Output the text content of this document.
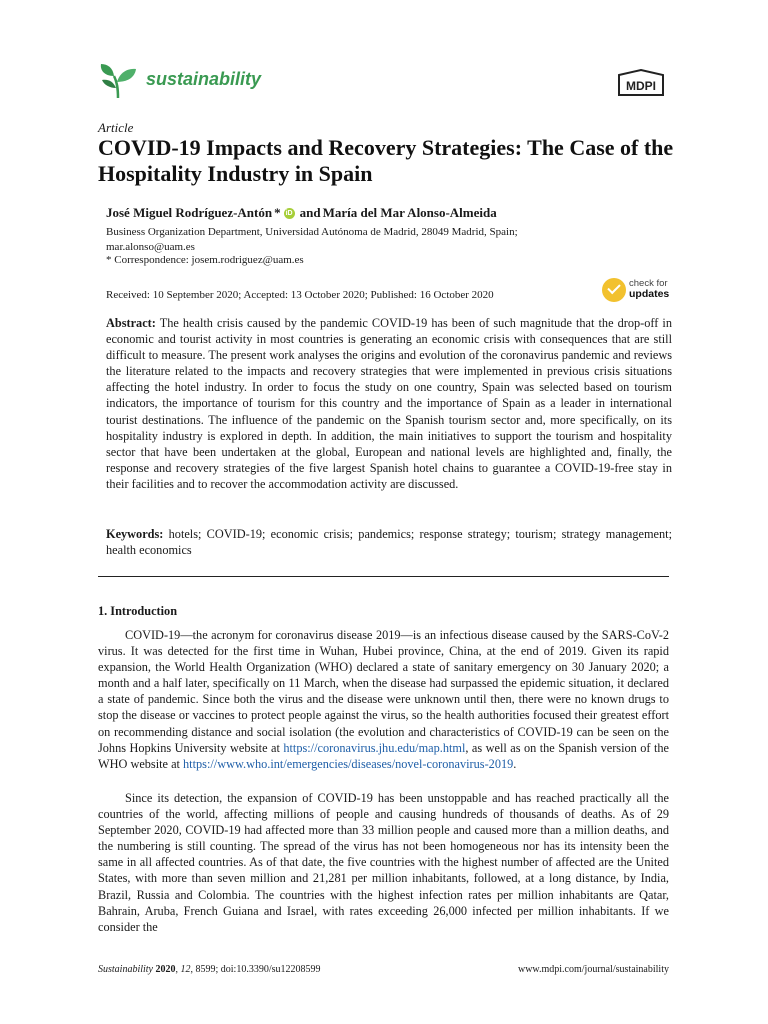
sustainability	MDPI
Article
COVID-19 Impacts and Recovery Strategies: The Case of the Hospitality Industry in Spain
José Miguel Rodríguez-Antón * iD and María del Mar Alonso-Almeida
Business Organization Department, Universidad Autónoma de Madrid, 28049 Madrid, Spain; mar.alonso@uam.es
* Correspondence: josem.rodriguez@uam.es
Received: 10 September 2020; Accepted: 13 October 2020; Published: 16 October 2020
check for
updates
Abstract: The health crisis caused by the pandemic COVID-19 has been of such magnitude that the drop-off in economic and tourist activity in most countries is generating an economic crisis with consequences that are still difficult to measure. The present work analyses the origins and evolution of the coronavirus pandemic and reviews the literature related to the impacts and recovery strategies that were implemented in previous crisis situations affecting the hotel industry. In order to focus the study on one country, Spain was selected based on tourism indicators, the importance of tourism for this country and the importance of Spain as a leader in international tourist destinations. The influence of the pandemic on the Spanish tourism sector and, more specifically, on its hospitality industry is explored in depth. In addition, the main initiatives to support the tourism and hospitality sector that have been undertaken at the global, European and national levels are highlighted and, finally, the response and recovery strategies of the five largest Spanish hotel chains to guarantee a COVID-19-free stay in their facilities and to recover the accommodation activity are discussed.
Keywords: hotels; COVID-19; economic crisis; pandemics; response strategy; tourism; strategy management; health economics
1. Introduction
COVID-19—the acronym for coronavirus disease 2019—is an infectious disease caused by the SARS-CoV-2 virus. It was detected for the first time in Wuhan, Hubei province, China, at the end of 2019. Given its rapid expansion, the World Health Organization (WHO) declared a state of sanitary emergency on 30 January 2020; a month and a half later, specifically on 11 March, when the disease had surpassed the epidemic situation, it declared a state of pandemic. Since both the virus and the disease were unknown until then, there were no known drugs to stop the disease or vaccines to protect people against the virus, so the health authorities focused their greatest effort on recommending distance and social isolation (the evolution and characteristics of COVID-19 can be seen on the Johns Hopkins University website at https://coronavirus.jhu.edu/map.html, as well as on the Spanish version of the WHO website at https://www.who.int/emergencies/diseases/novel-coronavirus-2019.
Since its detection, the expansion of COVID-19 has been unstoppable and has reached practically all the countries of the world, affecting millions of people and causing hundreds of thousands of deaths. As of 29 September 2020, COVID-19 had affected more than 33 million people and caused more than a million deaths, and the numbering is still counting. The spread of the virus has not been homogeneous nor has its intensity been the same in all affected countries. As of that date, the five countries with the highest number of affected are the United States, with more than seven million and 21,281 per million inhabitants, followed, at a long distance, by India, Brazil, Russia and Colombia. The countries with the highest infection rates per million inhabitants are Qatar, Bahrain, Aruba, French Guiana and Israel, with rates exceeding 26,000 infected per million inhabitants. If we consider the
Sustainability 2020, 12, 8599; doi:10.3390/su12208599	www.mdpi.com/journal/sustainability
